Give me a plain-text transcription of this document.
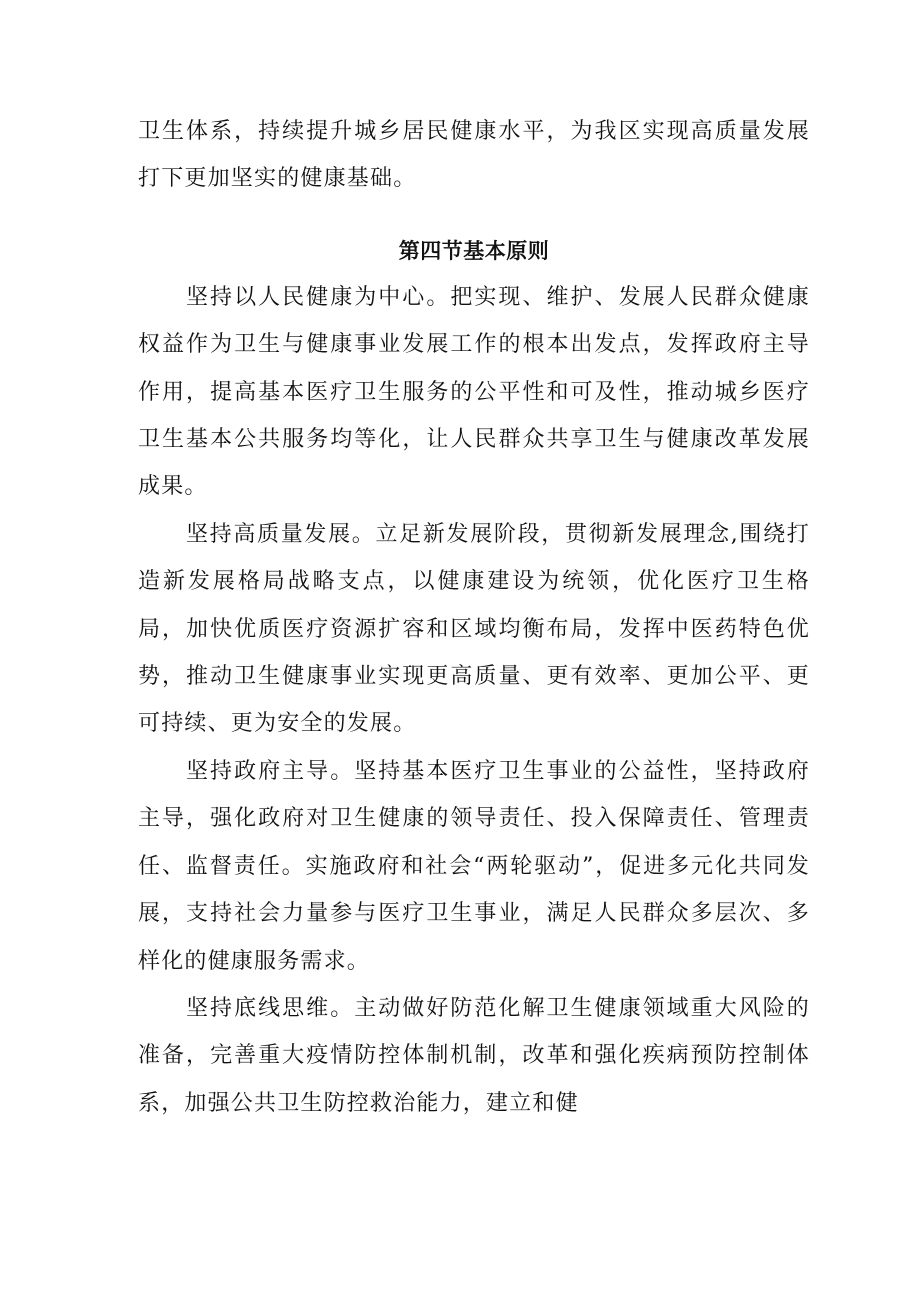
卫生体系，持续提升城乡居民健康水平，为我区实现高质量发展打下更加坚实的健康基础。

第四节基本原则

坚持以人民健康为中心。把实现、维护、发展人民群众健康权益作为卫生与健康事业发展工作的根本出发点，发挥政府主导作用，提高基本医疗卫生服务的公平性和可及性，推动城乡医疗卫生基本公共服务均等化，让人民群众共享卫生与健康改革发展成果。

坚持高质量发展。立足新发展阶段，贯彻新发展理念,围绕打造新发展格局战略支点，以健康建设为统领，优化医疗卫生格局，加快优质医疗资源扩容和区域均衡布局，发挥中医药特色优势，推动卫生健康事业实现更高质量、更有效率、更加公平、更可持续、更为安全的发展。

坚持政府主导。坚持基本医疗卫生事业的公益性，坚持政府主导，强化政府对卫生健康的领导责任、投入保障责任、管理责任、监督责任。实施政府和社会“两轮驱动”，促进多元化共同发展，支持社会力量参与医疗卫生事业，满足人民群众多层次、多样化的健康服务需求。

坚持底线思维。主动做好防范化解卫生健康领域重大风险的准备，完善重大疫情防控体制机制，改革和强化疾病预防控制体系，加强公共卫生防控救治能力，建立和健
